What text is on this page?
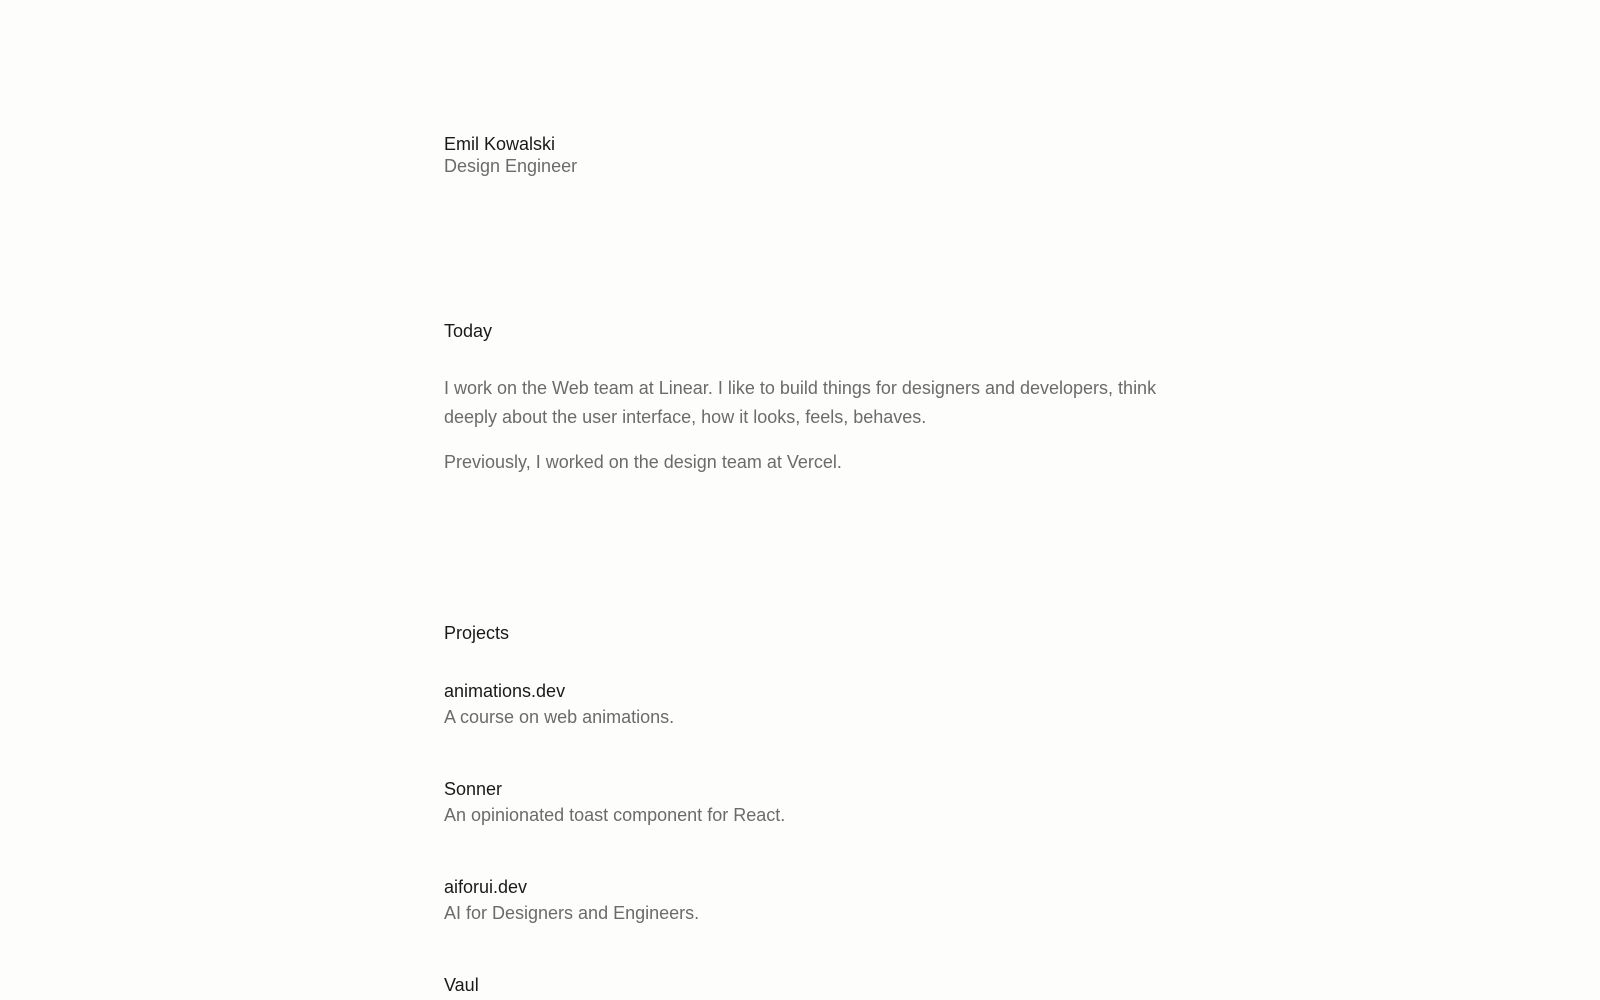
Emil Kowalski

Design Engineer

Today

I work on the Web team at Linear. I like to build things for designers and developers, think deeply about the user interface, how it looks, feels, behaves.

Previously, I worked on the design team at Vercel.

Projects
animations.dev
A course on web animations.
Sonner
An opinionated toast component for React.
aiforui.dev
AI for Designers and Engineers.
Vaul
